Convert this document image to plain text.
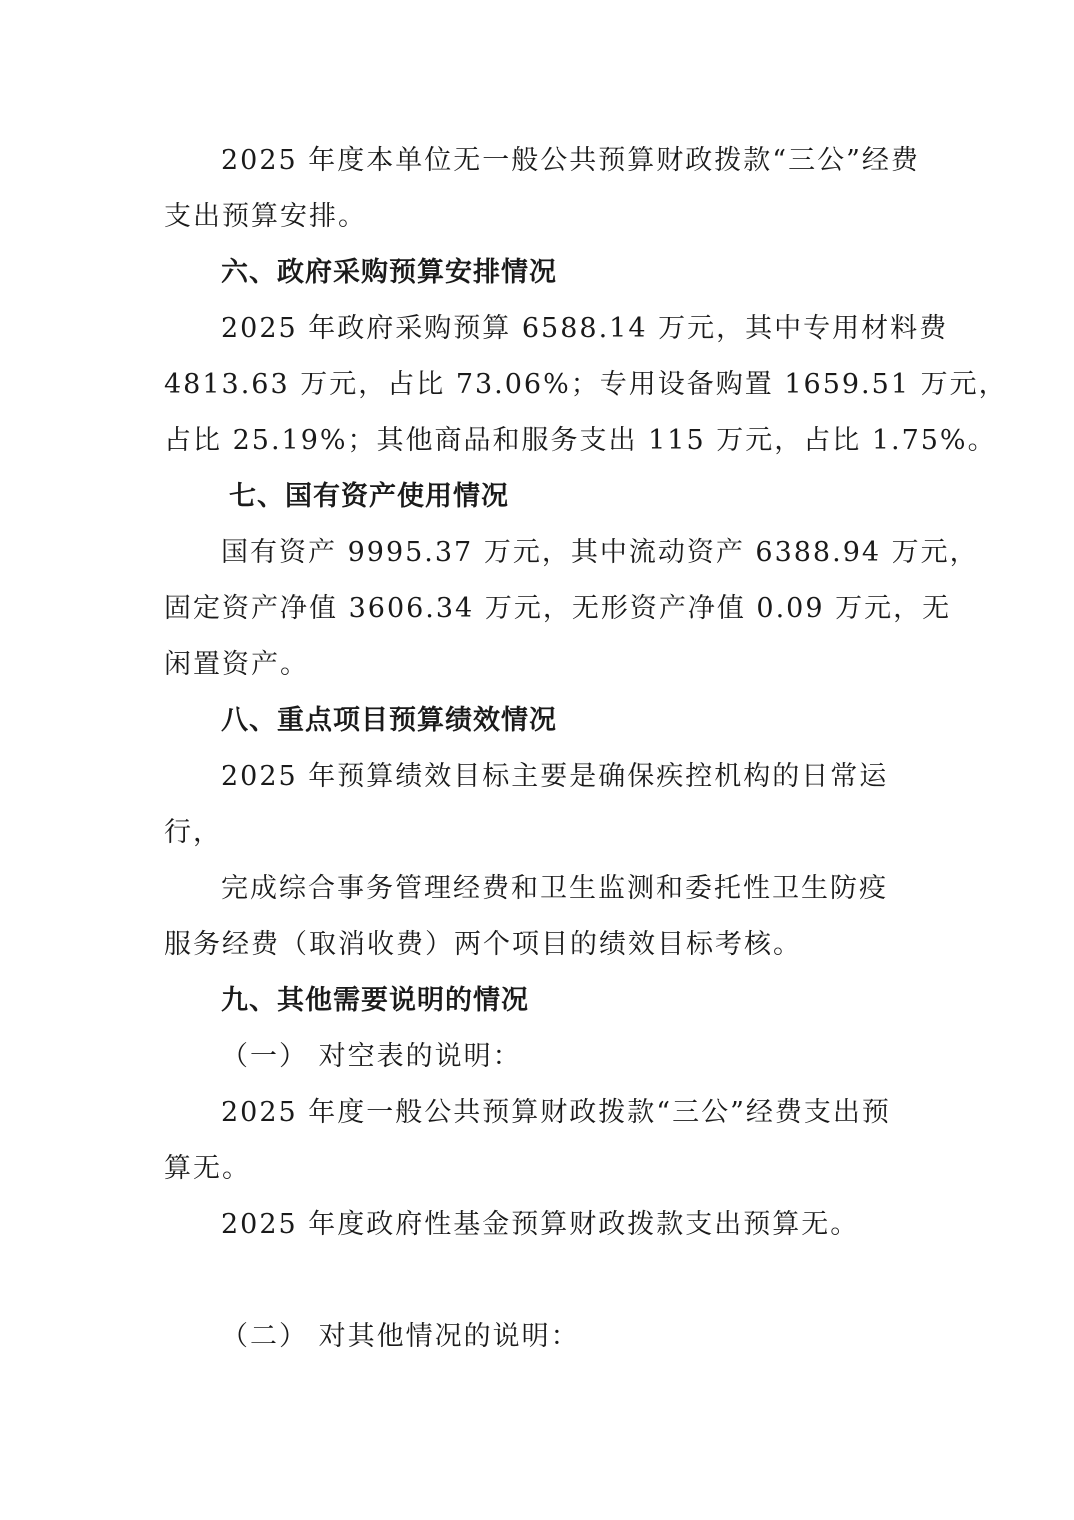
2025 年度本单位无一般公共预算财政拨款“三公”经费
支出预算安排。
六、政府采购预算安排情况
2025 年政府采购预算 6588.14 万元，其中专用材料费
4813.63 万元，占比 73.06%；专用设备购置 1659.51 万元，
占比 25.19%；其他商品和服务支出 115 万元，占比 1.75%。
七、国有资产使用情况
国有资产 9995.37 万元，其中流动资产 6388.94 万元，
固定资产净值 3606.34 万元，无形资产净值 0.09 万元，无
闲置资产。
八、重点项目预算绩效情况
2025 年预算绩效目标主要是确保疾控机构的日常运
行，
完成综合事务管理经费和卫生监测和委托性卫生防疫
服务经费（取消收费）两个项目的绩效目标考核。
九、其他需要说明的情况
（一） 对空表的说明：
2025 年度一般公共预算财政拨款“三公”经费支出预
算无。
2025 年度政府性基金预算财政拨款支出预算无。
（二） 对其他情况的说明：
